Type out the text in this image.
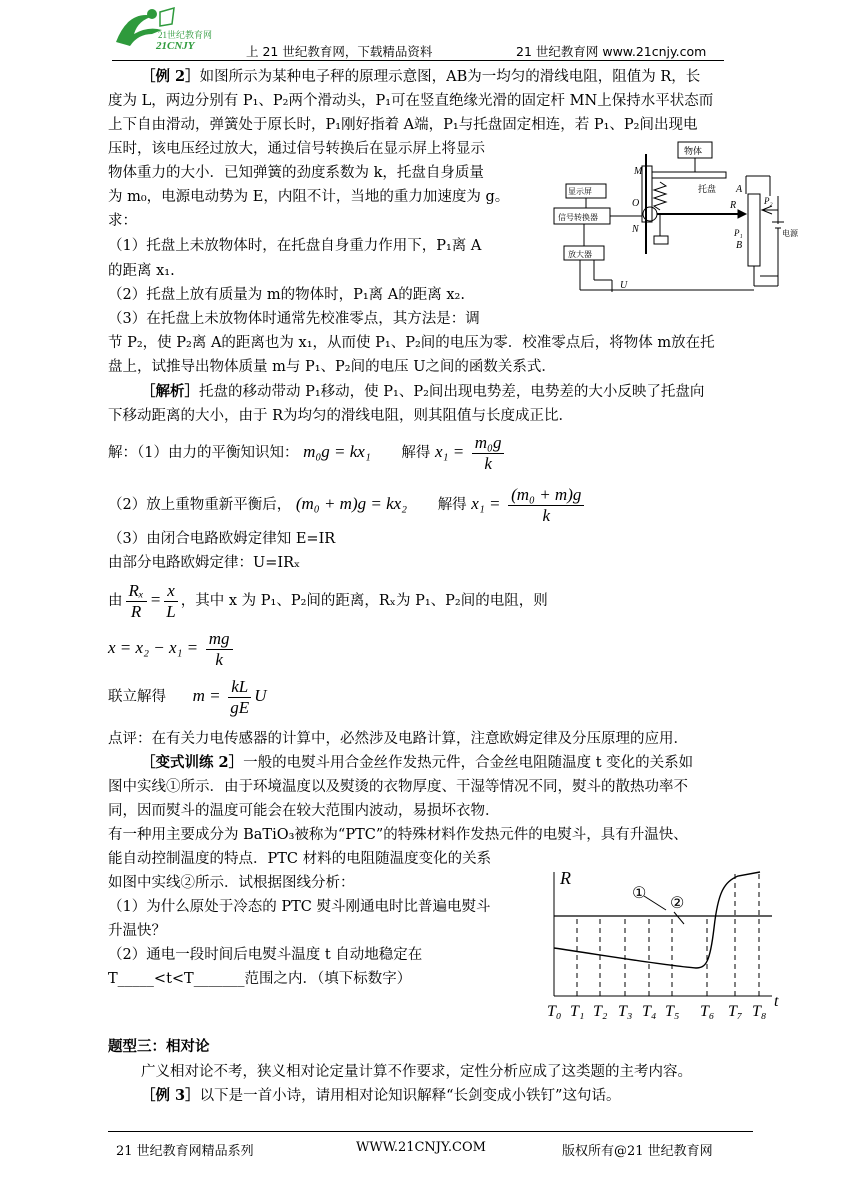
21世纪教育网
21CNJY	上 21 世纪教育网，下载精品资料	21 世纪教育网 www.21cnjy.com
［例 2］如图所示为某种电子秤的原理示意图，AB为一均匀的滑线电阻，阻值为 R，长
度为 L，两边分别有 P₁、P₂两个滑动头，P₁可在竖直绝缘光滑的固定杆 MN上保持水平状态而
上下自由滑动，弹簧处于原长时，P₁刚好指着 A端，P₁与托盘固定相连，若 P₁、P₂间出现电
压时，该电压经过放大，通过信号转换后在显示屏上将显示
物体重力的大小．已知弹簧的劲度系数为 k，托盘自身质量
为 m₀，电源电动势为 E，内阻不计，当地的重力加速度为 g。
求：
（1）托盘上未放物体时，在托盘自身重力作用下，P₁离 A
的距离 x₁.
（2）托盘上放有质量为 m的物体时，P₁离 A的距离 x₂.
（3）在托盘上未放物体时通常先校准零点，其方法是：调
节 P₂，使 P₂离 A的距离也为 x₁，从而使 P₁、P₂间的电压为零．校准零点后，将物体 m放在托
盘上，试推导出物体质量 m与 P₁、P₂间的电压 U之间的函数关系式．
物体
托盘
显示屏
信号转换器
放大器
电源
M
O
N
R
A
B
P₁
P₂
U
［解析］托盘的移动带动 P₁移动，使 P₁、P₂间出现电势差，电势差的大小反映了托盘向
下移动距离的大小，由于 R为均匀的滑线电阻，则其阻值与长度成正比．
解：（1）由力的平衡知识知： m₀g = kx₁ 解得 $x_1 = \frac{\text{m₀g}}{k}$
（2）放上重物重新平衡后， (m₀ + m)g = kx₂ 解得 $x_1 = \frac{\text{(m₀ + m)g}}{k}$
（3）由闭合电路欧姆定律知 E=IR
由部分电路欧姆定律：U=IRₓ
由 $\frac{\text{Rₓ}}{R} = \frac{x}{L}$ ，其中 x 为 P₁、P₂间的距离，Rₓ为 P₁、P₂间的电阻，则
$x = x_2 - x_1 = \frac{mg}{k}$
联立解得 $m = \frac{kL}{gE}$ U
点评：在有关力电传感器的计算中，必然涉及电路计算，注意欧姆定律及分压原理的应用．
［变式训练 2］一般的电熨斗用合金丝作发热元件，合金丝电阻随温度 t 变化的关系如
图中实线①所示．由于环境温度以及熨烫的衣物厚度、干湿等情况不同，熨斗的散热功率不
同，因而熨斗的温度可能会在较大范围内波动，易损坏衣物．
有一种用主要成分为 BaTiO₃被称为“PTC”的特殊材料作发热元件的电熨斗，具有升温快、
能自动控制温度的特点．PTC 材料的电阻随温度变化的关系
如图中实线②所示．试根据图线分析：
（1）为什么原处于冷态的 PTC 熨斗刚通电时比普遍电熨斗
升温快？
（2）通电一段时间后电熨斗温度 t 自动地稳定在
T_____<t<T_______范围之内．（填下标数字）
R
t
①
②
T₀ T₁ T₂ T₃ T₄ T₅ T₆ T₇ T₈
题型三：相对论
广义相对论不考，狭义相对论定量计算不作要求，定性分析应成了这类题的主考内容。
［例 3］以下是一首小诗，请用相对论知识解释“长剑变成小铁钉”这句话。
21 世纪教育网精品系列	WWW.21CNJY.COM	版权所有@21 世纪教育网
